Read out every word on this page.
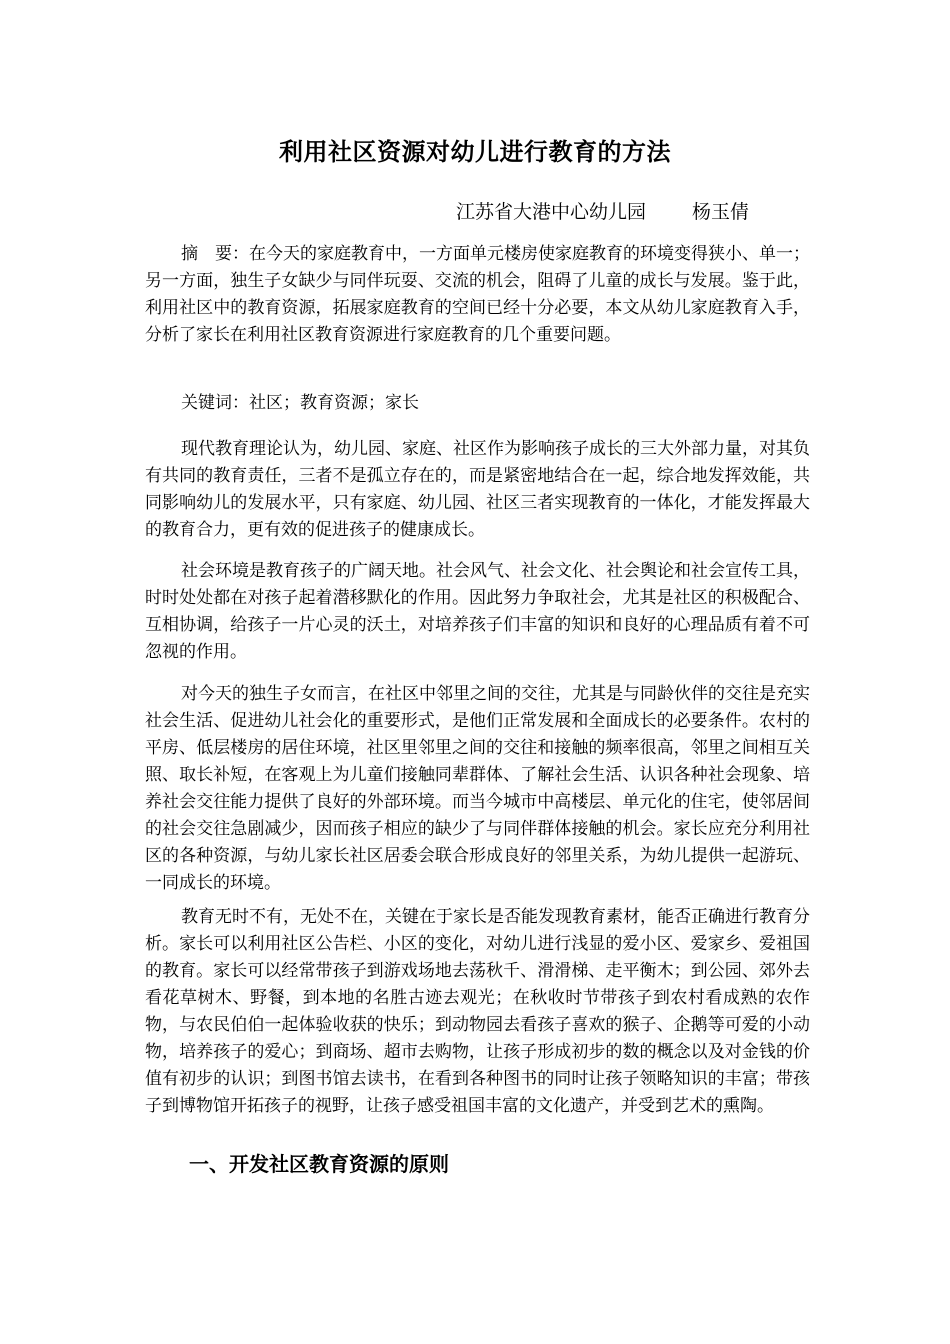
利用社区资源对幼儿进行教育的方法
江苏省大港中心幼儿园 杨玉倩

摘　要：在今天的家庭教育中，一方面单元楼房使家庭教育的环境变得狭小、单一；另一方面，独生子女缺少与同伴玩耍、交流的机会，阻碍了儿童的成长与发展。鉴于此，利用社区中的教育资源，拓展家庭教育的空间已经十分必要，本文从幼儿家庭教育入手，分析了家长在利用社区教育资源进行家庭教育的几个重要问题。

关键词：社区；教育资源；家长

现代教育理论认为，幼儿园、家庭、社区作为影响孩子成长的三大外部力量，对其负有共同的教育责任，三者不是孤立存在的，而是紧密地结合在一起，综合地发挥效能，共同影响幼儿的发展水平，只有家庭、幼儿园、社区三者实现教育的一体化，才能发挥最大的教育合力，更有效的促进孩子的健康成长。

社会环境是教育孩子的广阔天地。社会风气、社会文化、社会舆论和社会宣传工具，时时处处都在对孩子起着潜移默化的作用。因此努力争取社会，尤其是社区的积极配合、互相协调，给孩子一片心灵的沃土，对培养孩子们丰富的知识和良好的心理品质有着不可忽视的作用。

对今天的独生子女而言，在社区中邻里之间的交往，尤其是与同龄伙伴的交往是充实社会生活、促进幼儿社会化的重要形式，是他们正常发展和全面成长的必要条件。农村的平房、低层楼房的居住环境，社区里邻里之间的交往和接触的频率很高，邻里之间相互关照、取长补短，在客观上为儿童们接触同辈群体、了解社会生活、认识各种社会现象、培养社会交往能力提供了良好的外部环境。而当今城市中高楼层、单元化的住宅，使邻居间的社会交往急剧减少，因而孩子相应的缺少了与同伴群体接触的机会。家长应充分利用社区的各种资源，与幼儿家长社区居委会联合形成良好的邻里关系，为幼儿提供一起游玩、一同成长的环境。

教育无时不有，无处不在，关键在于家长是否能发现教育素材，能否正确进行教育分析。家长可以利用社区公告栏、小区的变化，对幼儿进行浅显的爱小区、爱家乡、爱祖国的教育。家长可以经常带孩子到游戏场地去荡秋千、滑滑梯、走平衡木；到公园、郊外去看花草树木、野餐，到本地的名胜古迹去观光；在秋收时节带孩子到农村看成熟的农作物，与农民伯伯一起体验收获的快乐；到动物园去看孩子喜欢的猴子、企鹅等可爱的小动物，培养孩子的爱心；到商场、超市去购物，让孩子形成初步的数的概念以及对金钱的价值有初步的认识；到图书馆去读书，在看到各种图书的同时让孩子领略知识的丰富；带孩子到博物馆开拓孩子的视野，让孩子感受祖国丰富的文化遗产，并受到艺术的熏陶。

一、开发社区教育资源的原则
